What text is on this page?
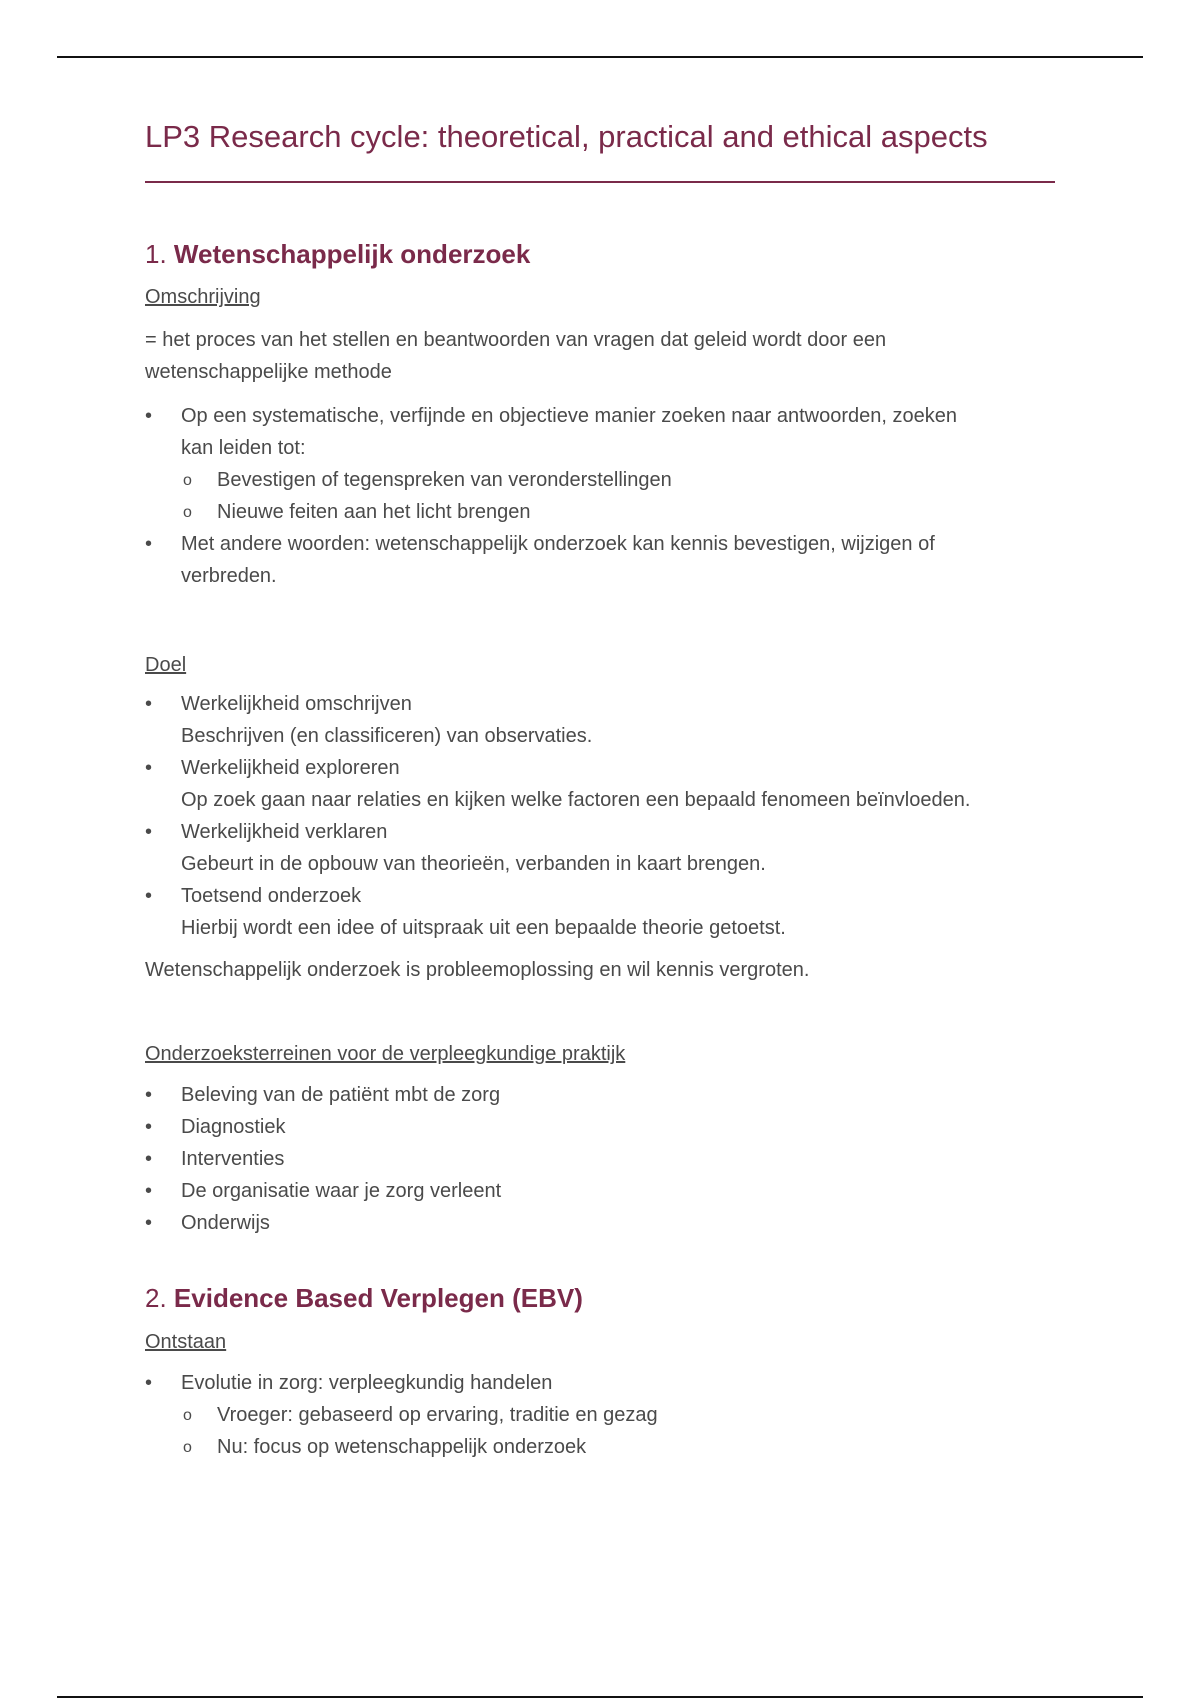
LP3 Research cycle: theoretical, practical and ethical aspects
1. Wetenschappelijk onderzoek
Omschrijving

= het proces van het stellen en beantwoorden van vragen dat geleid wordt door een
wetenschappelijke methode

• Op een systematische, verfijnde en objectieve manier zoeken naar antwoorden, zoeken
kan leiden tot:
o Bevestigen of tegenspreken van veronderstellingen
o Nieuwe feiten aan het licht brengen
• Met andere woorden: wetenschappelijk onderzoek kan kennis bevestigen, wijzigen of
verbreden.
Doel
• Werkelijkheid omschrijven
Beschrijven (en classificeren) van observaties.
• Werkelijkheid exploreren
Op zoek gaan naar relaties en kijken welke factoren een bepaald fenomeen beïnvloeden.
• Werkelijkheid verklaren
Gebeurt in de opbouw van theorieën, verbanden in kaart brengen.
• Toetsend onderzoek
Hierbij wordt een idee of uitspraak uit een bepaalde theorie getoetst.

Wetenschappelijk onderzoek is probleemoplossing en wil kennis vergroten.

Onderzoeksterreinen voor de verpleegkundige praktijk
• Beleving van de patiënt mbt de zorg
• Diagnostiek
• Interventies
• De organisatie waar je zorg verleent
• Onderwijs
2. Evidence Based Verplegen (EBV)
Ontstaan
• Evolutie in zorg: verpleegkundig handelen
o Vroeger: gebaseerd op ervaring, traditie en gezag
o Nu: focus op wetenschappelijk onderzoek
